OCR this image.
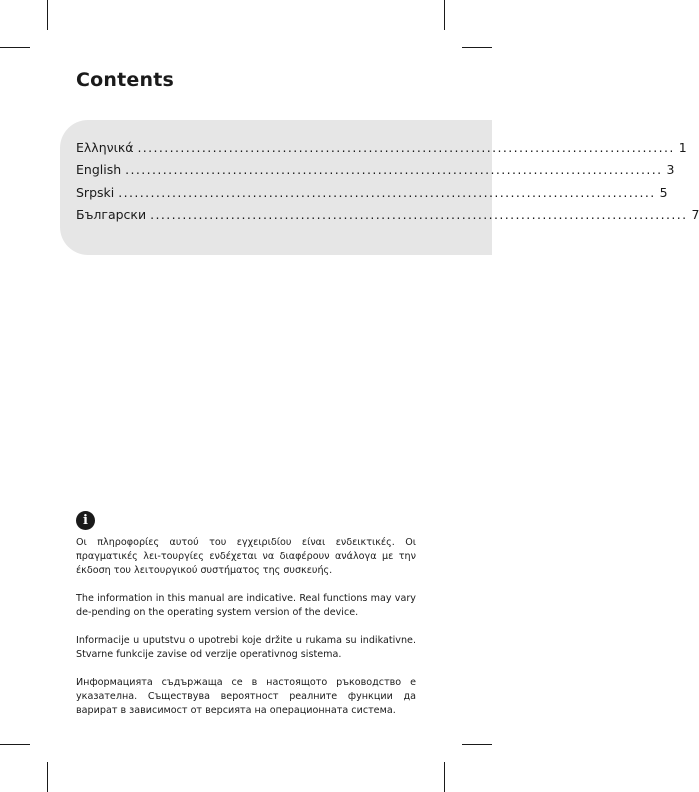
Contents
Ελληνικά .................................................................................................... 1
English .................................................................................................... 3
Srpski .................................................................................................... 5
Български .................................................................................................... 7
i

Οι πληροφορίες αυτού του εγχειριδίου είναι ενδεικτικές. Οι πραγματικές λει-τουργίες ενδέχεται να διαφέρουν ανάλογα με την έκδοση του λειτουργικού συστήματος της συσκευής.

The information in this manual are indicative. Real functions may vary de-pending on the operating system version of the device.

Informacije u uputstvu o upotrebi koje držite u rukama su indikativne. Stvarne funkcije zavise od verzije operativnog sistema.

Информацията съдържаща се в настоящото ръководство е указателна. Съществува вероятност реалните функции да варират в зависимост от версията на операционната система.
